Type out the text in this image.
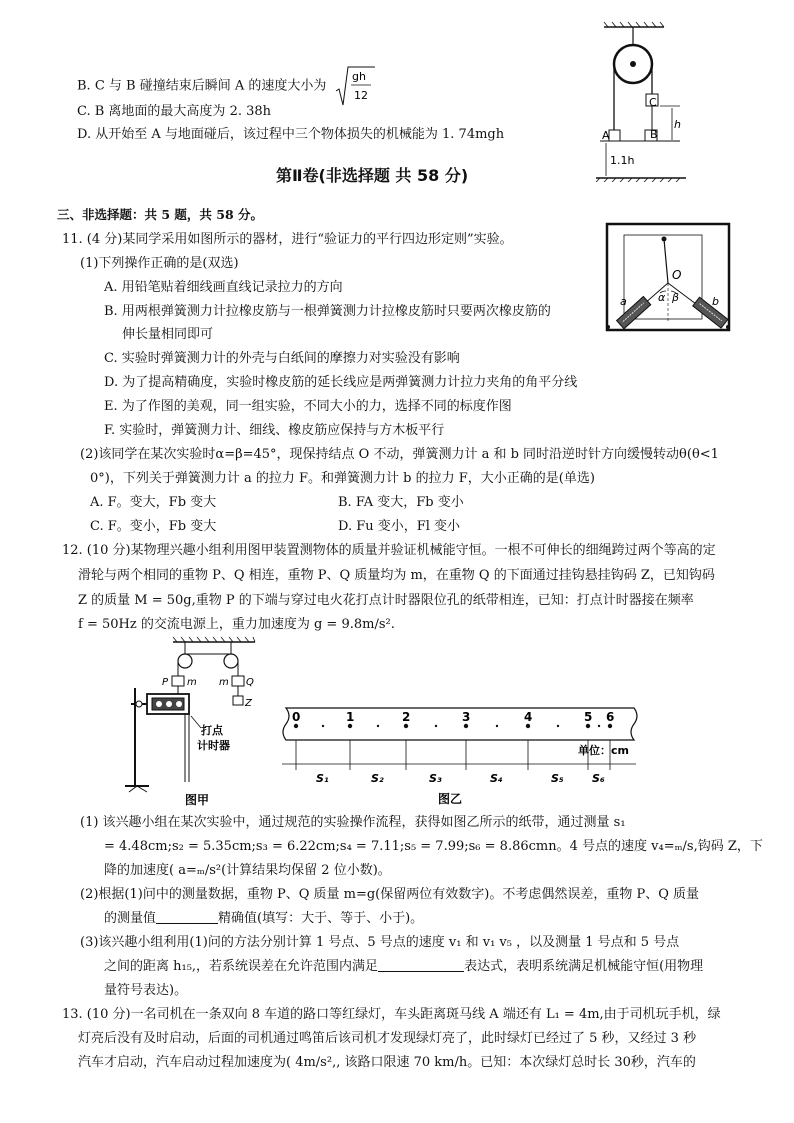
B. C 与 B 碰撞结束后瞬间 A 的速度大小为
gh
12
C. B 离地面的最大高度为 2. 38h
D. 从开始至 A 与地面碰后，该过程中三个物体损失的机械能为 1. 74mgh
C
A	B
h
1.1h
第Ⅱ卷(非选择题 共 58 分)
三、非选择题：共 5 题，共 58 分。
11. (4 分)某同学采用如图所示的器材，进行“验证力的平行四边形定则”实验。
(1)下列操作正确的是(双选)
A. 用铅笔贴着细线画直线记录拉力的方向
B. 用两根弹簧测力计拉橡皮筋与一根弹簧测力计拉橡皮筋时只要两次橡皮筋的
伸长量相同即可
C. 实验时弹簧测力计的外壳与白纸间的摩擦力对实验没有影响
D. 为了提高精确度，实验时橡皮筋的延长线应是两弹簧测力计拉力夹角的角平分线
E. 为了作图的美观，同一组实验，不同大小的力，选择不同的标度作图
F. 实验时，弹簧测力计、细线、橡皮筋应保持与方木板平行
(2)该同学在某次实验时α=β=45°，现保持结点 O 不动，弹簧测力计 a 和 b 同时沿逆时针方向缓慢转动θ(θ<1
0°)，下列关于弹簧测力计 a 的拉力 F。和弹簧测力计 b 的拉力 F，大小正确的是(单选)
A. F。变大，Fb 变大	B. FA 变大，Fb 变小
C. F。变小，Fb 变大	D. Fu 变小，Fl 变小
O
α β
a	b
12. (10 分)某物理兴趣小组利用图甲装置测物体的质量并验证机械能守恒。一根不可伸长的细绳跨过两个等高的定
滑轮与两个相同的重物 P、Q 相连，重物 P、Q 质量均为 m，在重物 Q 的下面通过挂钩悬挂钩码 Z，已知钩码
Z 的质量 M = 50g,重物 P 的下端与穿过电火花打点计时器限位孔的纸带相连，已知：打点计时器接在频率
f = 50Hz 的交流电源上，重力加速度为 g = 9.8m/s².
P m m Q
Z
打点
计时器
图甲
0	1	2	3	4	5 6
S₁	S₂	S₃	S₄	S₅	S₆
单位：cm
图乙
(1) 该兴趣小组在某次实验中，通过规范的实验操作流程，获得如图乙所示的纸带，通过测量 s₁
= 4.48cm;s₂ = 5.35cm;s₃ = 6.22cm;s₄ = 7.11;s₅ = 7.99;s₆ = 8.86cmn。4 号点的速度 v₄=ₘ/s,钩码 Z，下
降的加速度( a=ₘ/s²(计算结果均保留 2 位小数)。
(2)根据(1)问中的测量数据，重物 P、Q 质量 m=g(保留两位有效数字)。不考虑偶然误差，重物 P、Q 质量
的测量值	精确值(填写：大于、等于、小于)。
(3)该兴趣小组利用(1)问的方法分别计算 1 号点、5 号点的速度 v₁ 和 v₁ v₅ ，以及测量 1 号点和 5 号点
之间的距离 h₁₅,，若系统误差在允许范围内满足	表达式，表明系统满足机械能守恒(用物理
量符号表达)。
13. (10 分)一名司机在一条双向 8 车道的路口等红绿灯，车头距离斑马线 A 端还有 L₁ = 4m,由于司机玩手机，绿
灯亮后没有及时启动，后面的司机通过鸣笛后该司机才发现绿灯亮了，此时绿灯已经过了 5 秒，又经过 3 秒
汽车才启动，汽车启动过程加速度为( 4m/s²,, 该路口限速 70 km/h。已知：本次绿灯总时长 30秒，汽车的
